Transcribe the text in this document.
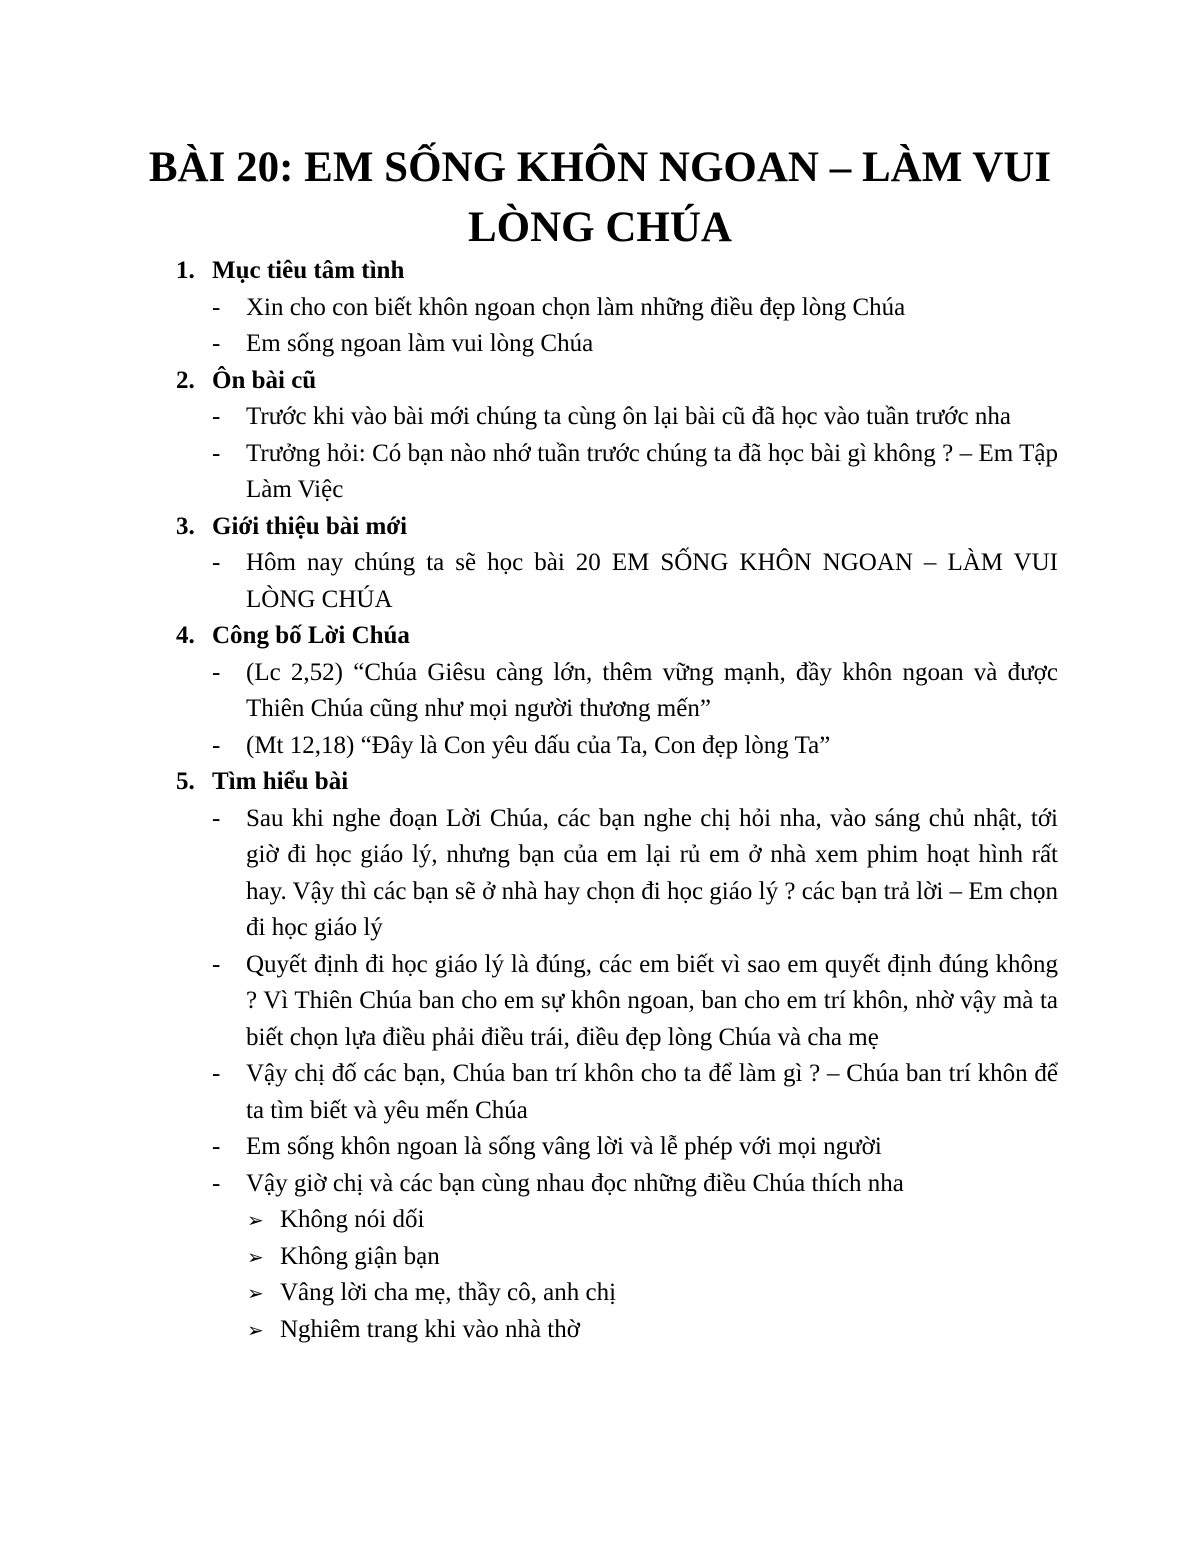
BÀI 20: EM SỐNG KHÔN NGOAN – LÀM VUI
LÒNG CHÚA
1. Mục tiêu tâm tình
- Xin cho con biết khôn ngoan chọn làm những điều đẹp lòng Chúa
- Em sống ngoan làm vui lòng Chúa
2. Ôn bài cũ
- Trước khi vào bài mới chúng ta cùng ôn lại bài cũ đã học vào tuần trước nha
- Trưởng hỏi: Có bạn nào nhớ tuần trước chúng ta đã học bài gì không ? – Em Tập Làm Việc
3. Giới thiệu bài mới
- Hôm nay chúng ta sẽ học bài 20 EM SỐNG KHÔN NGOAN – LÀM VUI LÒNG CHÚA
4. Công bố Lời Chúa
- (Lc 2,52) “Chúa Giêsu càng lớn, thêm vững mạnh, đầy khôn ngoan và được Thiên Chúa cũng như mọi người thương mến”
- (Mt 12,18) “Đây là Con yêu dấu của Ta, Con đẹp lòng Ta”
5. Tìm hiểu bài
- Sau khi nghe đoạn Lời Chúa, các bạn nghe chị hỏi nha, vào sáng chủ nhật, tới giờ đi học giáo lý, nhưng bạn của em lại rủ em ở nhà xem phim hoạt hình rất hay. Vậy thì các bạn sẽ ở nhà hay chọn đi học giáo lý ? các bạn trả lời – Em chọn đi học giáo lý
- Quyết định đi học giáo lý là đúng, các em biết vì sao em quyết định đúng không ? Vì Thiên Chúa ban cho em sự khôn ngoan, ban cho em trí khôn, nhờ vậy mà ta biết chọn lựa điều phải điều trái, điều đẹp lòng Chúa và cha mẹ
- Vậy chị đố các bạn, Chúa ban trí khôn cho ta để làm gì ? – Chúa ban trí khôn để ta tìm biết và yêu mến Chúa
- Em sống khôn ngoan là sống vâng lời và lễ phép với mọi người
- Vậy giờ chị và các bạn cùng nhau đọc những điều Chúa thích nha
➢ Không nói dối
➢ Không giận bạn
➢ Vâng lời cha mẹ, thầy cô, anh chị
➢ Nghiêm trang khi vào nhà thờ
